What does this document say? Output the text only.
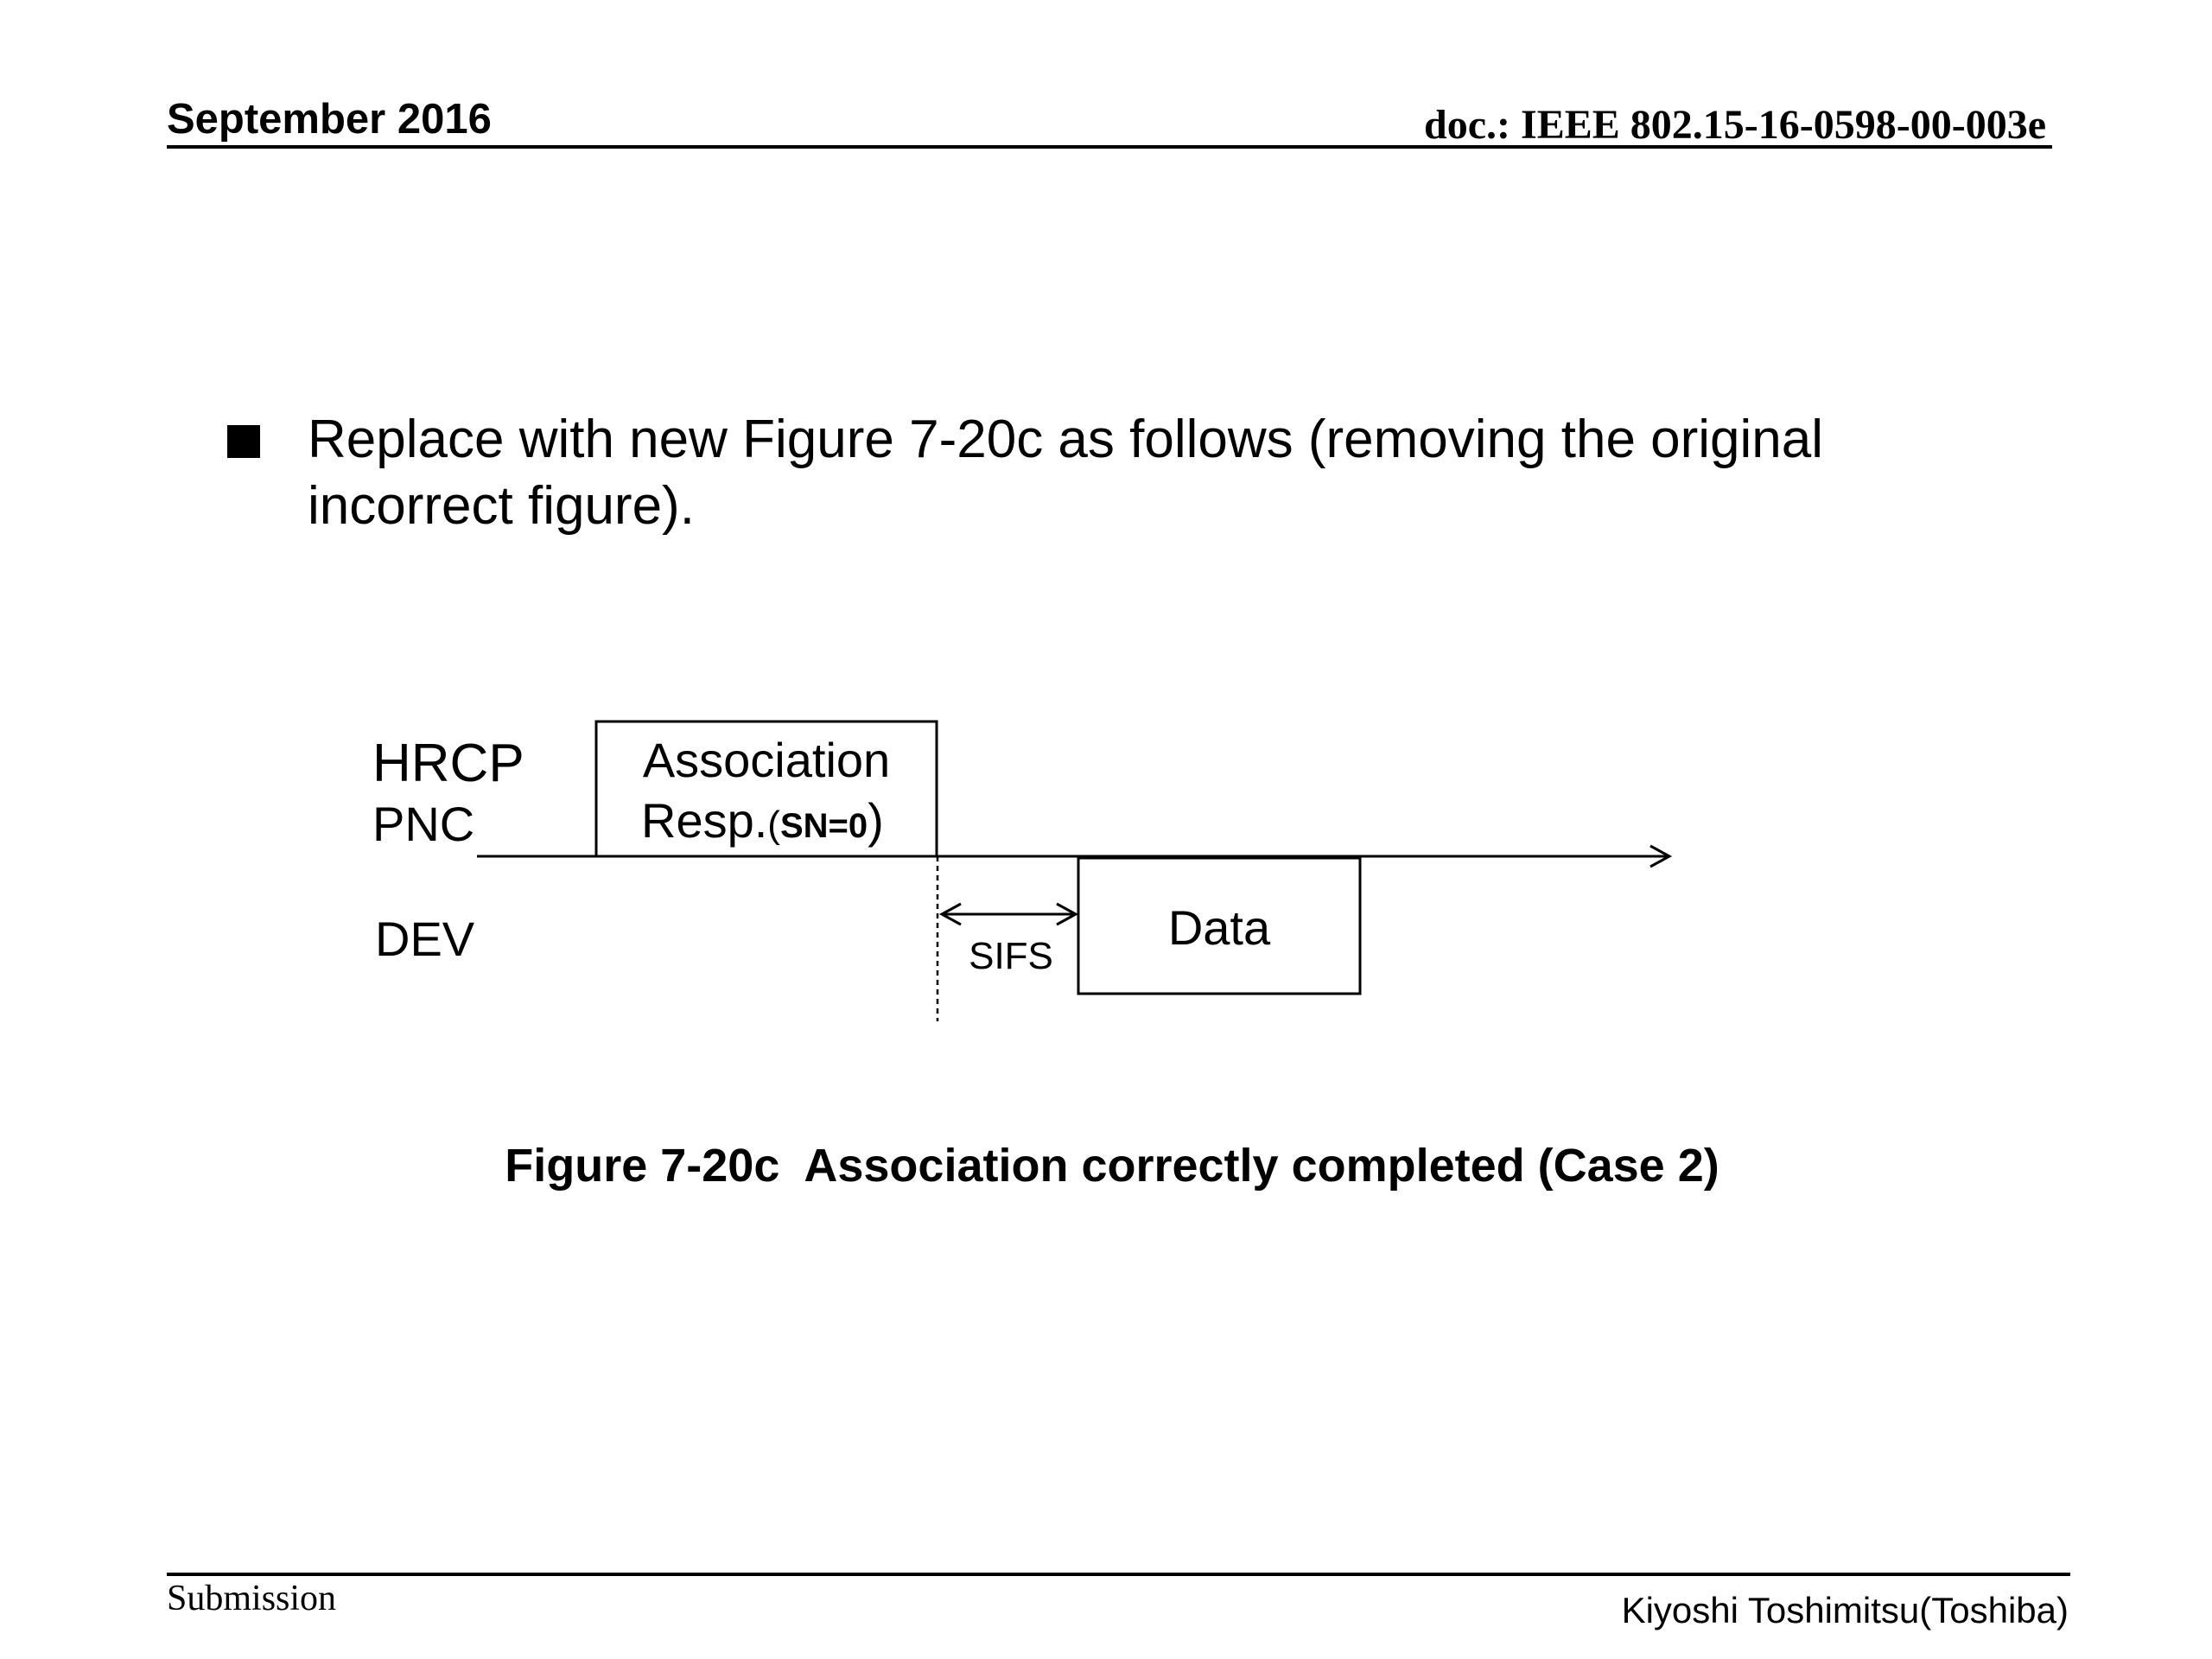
September 2016	doc.: IEEE 802.15-16-0598-00-003e
Replace with new Figure 7-20c as follows (removing the original incorrect figure).
HRCP
PNC
DEV
Association
Resp.(SN=0)
SIFS
Data
Figure 7-20c  Association correctly completed (Case 2)
Submission	Kiyoshi Toshimitsu(Toshiba)
